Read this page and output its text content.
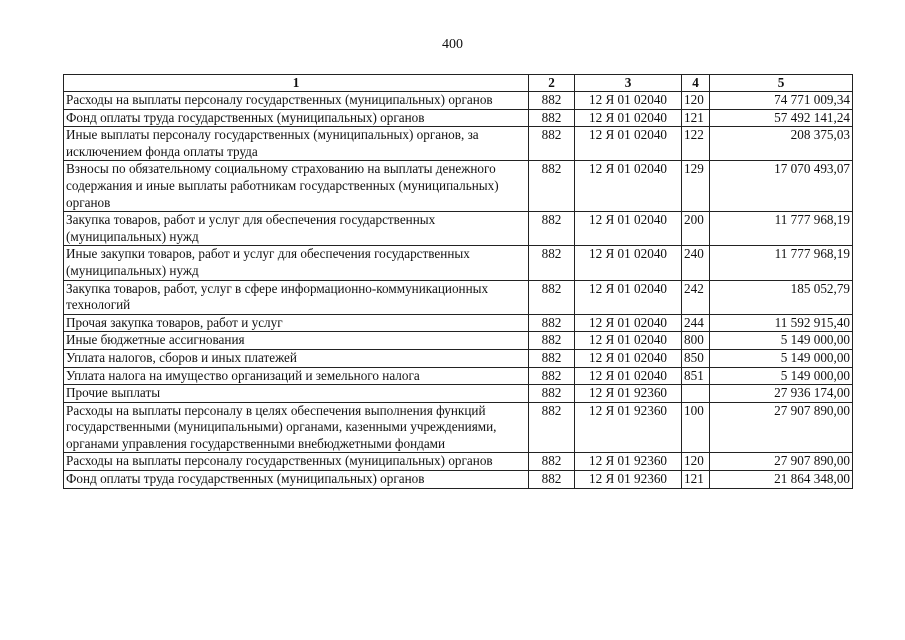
400
1	2	3	4	5
Расходы на выплаты персоналу государственных (муниципальных) органов	882	12 Я 01 02040	120	74 771 009,34
Фонд оплаты труда государственных (муниципальных) органов	882	12 Я 01 02040	121	57 492 141,24
Иные выплаты персоналу государственных (муниципальных) органов, за исключением фонда оплаты труда	882	12 Я 01 02040	122	208 375,03
Взносы по обязательному социальному страхованию на выплаты денежного содержания и иные выплаты работникам государственных (муниципальных) органов	882	12 Я 01 02040	129	17 070 493,07
Закупка товаров, работ и услуг для обеспечения государственных (муниципальных) нужд	882	12 Я 01 02040	200	11 777 968,19
Иные закупки товаров, работ и услуг для обеспечения государственных (муниципальных) нужд	882	12 Я 01 02040	240	11 777 968,19
Закупка товаров, работ, услуг в сфере информационно-коммуникационных технологий	882	12 Я 01 02040	242	185 052,79
Прочая закупка товаров, работ и услуг	882	12 Я 01 02040	244	11 592 915,40
Иные бюджетные ассигнования	882	12 Я 01 02040	800	5 149 000,00
Уплата налогов, сборов и иных платежей	882	12 Я 01 02040	850	5 149 000,00
Уплата налога на имущество организаций и земельного налога	882	12 Я 01 02040	851	5 149 000,00
Прочие выплаты	882	12 Я 01 92360		27 936 174,00
Расходы на выплаты персоналу в целях обеспечения выполнения функций государственными (муниципальными) органами, казенными учреждениями, органами управления государственными внебюджетными фондами	882	12 Я 01 92360	100	27 907 890,00
Расходы на выплаты персоналу государственных (муниципальных) органов	882	12 Я 01 92360	120	27 907 890,00
Фонд оплаты труда государственных (муниципальных) органов	882	12 Я 01 92360	121	21 864 348,00
